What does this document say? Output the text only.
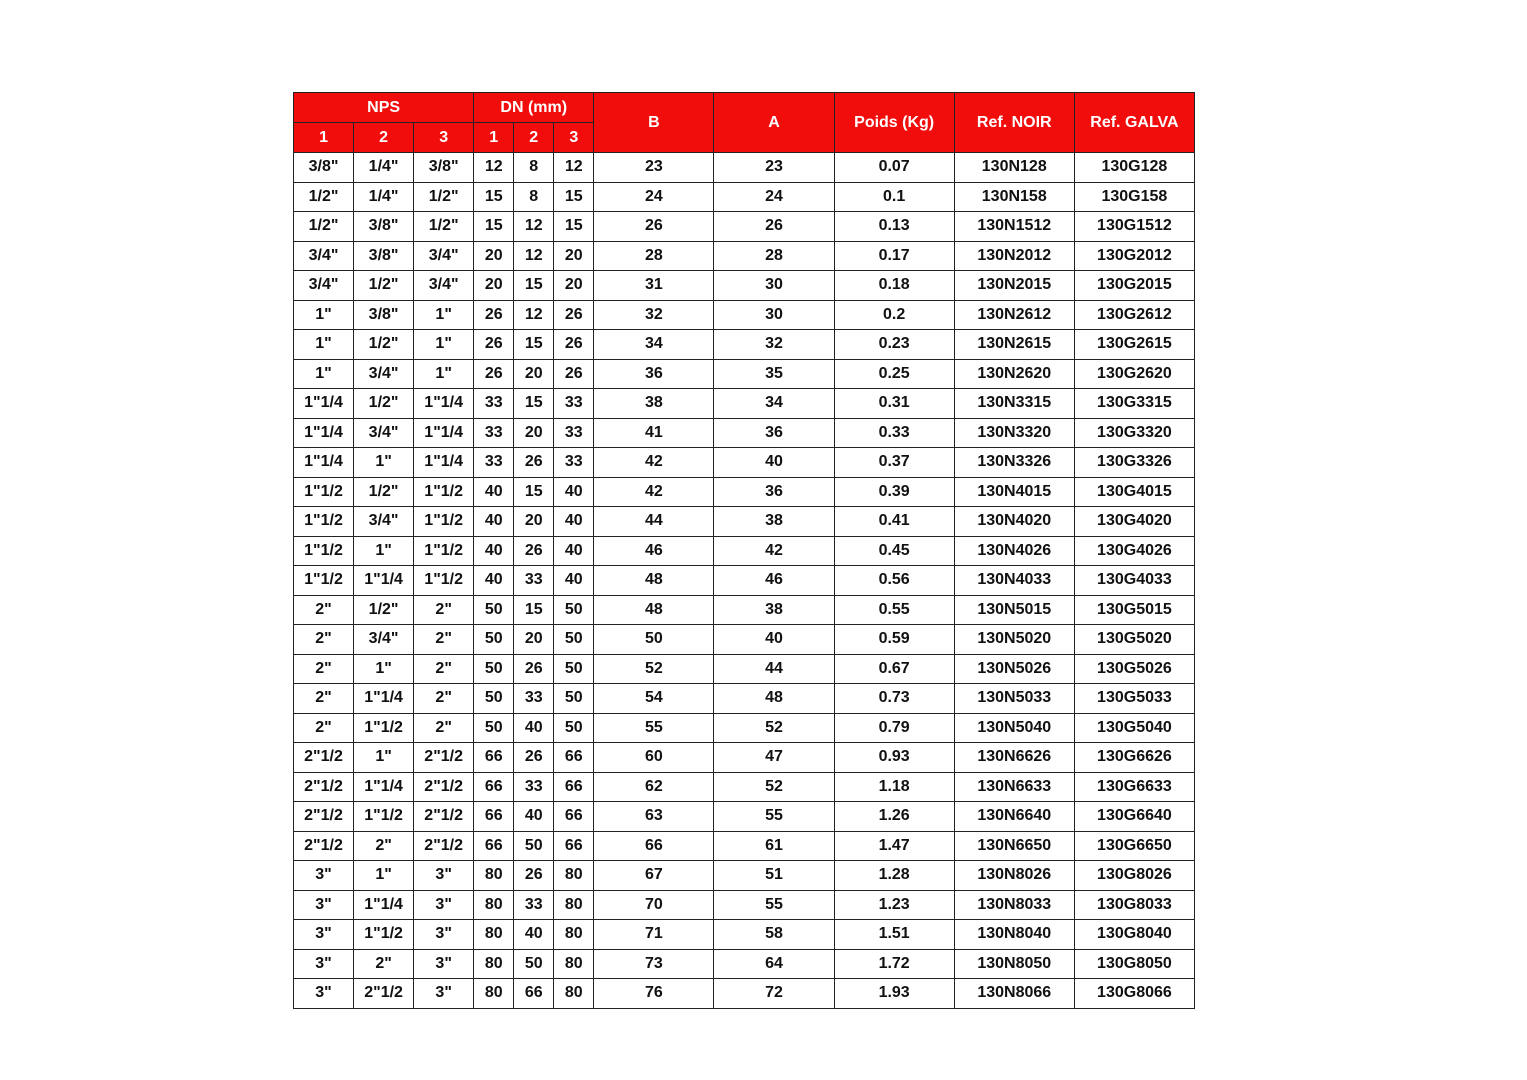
NPS			DN (mm)			B	A	Poids (Kg)	Ref. NOIR	Ref. GALVA
1	2	3	1	2	3					
3/8"	1/4"	3/8"	12	8	12	23	23	0.07	130N128	130G128
1/2"	1/4"	1/2"	15	8	15	24	24	0.1	130N158	130G158
1/2"	3/8"	1/2"	15	12	15	26	26	0.13	130N1512	130G1512
3/4"	3/8"	3/4"	20	12	20	28	28	0.17	130N2012	130G2012
3/4"	1/2"	3/4"	20	15	20	31	30	0.18	130N2015	130G2015
1"	3/8"	1"	26	12	26	32	30	0.2	130N2612	130G2612
1"	1/2"	1"	26	15	26	34	32	0.23	130N2615	130G2615
1"	3/4"	1"	26	20	26	36	35	0.25	130N2620	130G2620
1"1/4	1/2"	1"1/4	33	15	33	38	34	0.31	130N3315	130G3315
1"1/4	3/4"	1"1/4	33	20	33	41	36	0.33	130N3320	130G3320
1"1/4	1"	1"1/4	33	26	33	42	40	0.37	130N3326	130G3326
1"1/2	1/2"	1"1/2	40	15	40	42	36	0.39	130N4015	130G4015
1"1/2	3/4"	1"1/2	40	20	40	44	38	0.41	130N4020	130G4020
1"1/2	1"	1"1/2	40	26	40	46	42	0.45	130N4026	130G4026
1"1/2	1"1/4	1"1/2	40	33	40	48	46	0.56	130N4033	130G4033
2"	1/2"	2"	50	15	50	48	38	0.55	130N5015	130G5015
2"	3/4"	2"	50	20	50	50	40	0.59	130N5020	130G5020
2"	1"	2"	50	26	50	52	44	0.67	130N5026	130G5026
2"	1"1/4	2"	50	33	50	54	48	0.73	130N5033	130G5033
2"	1"1/2	2"	50	40	50	55	52	0.79	130N5040	130G5040
2"1/2	1"	2"1/2	66	26	66	60	47	0.93	130N6626	130G6626
2"1/2	1"1/4	2"1/2	66	33	66	62	52	1.18	130N6633	130G6633
2"1/2	1"1/2	2"1/2	66	40	66	63	55	1.26	130N6640	130G6640
2"1/2	2"	2"1/2	66	50	66	66	61	1.47	130N6650	130G6650
3"	1"	3"	80	26	80	67	51	1.28	130N8026	130G8026
3"	1"1/4	3"	80	33	80	70	55	1.23	130N8033	130G8033
3"	1"1/2	3"	80	40	80	71	58	1.51	130N8040	130G8040
3"	2"	3"	80	50	80	73	64	1.72	130N8050	130G8050
3"	2"1/2	3"	80	66	80	76	72	1.93	130N8066	130G8066
